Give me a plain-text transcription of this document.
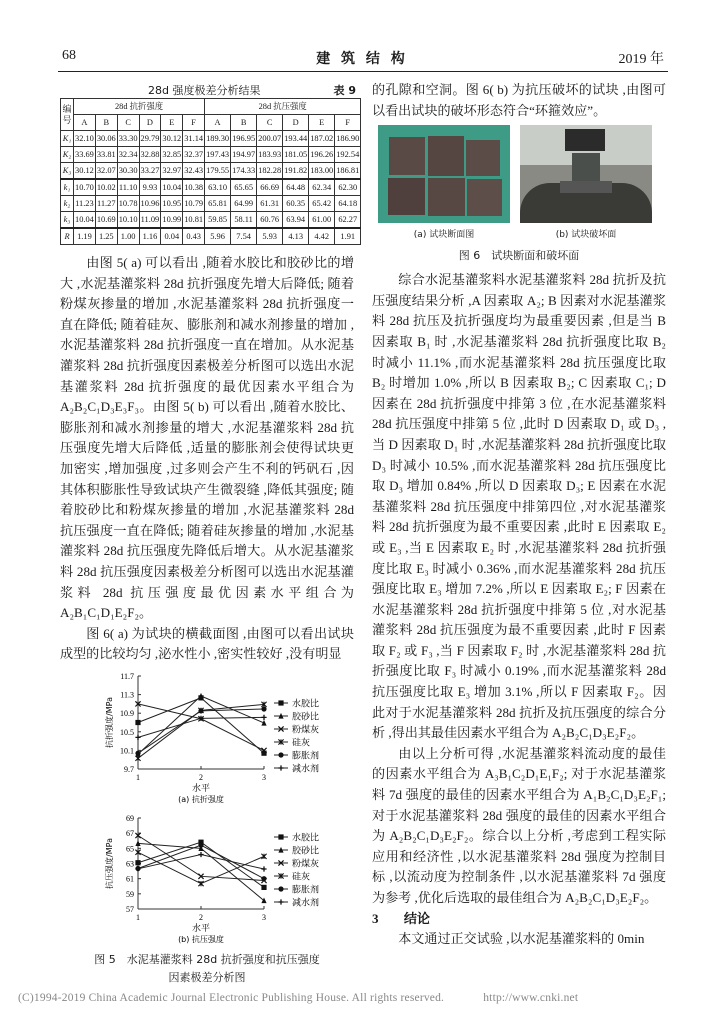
68	建 筑 结 构	2019 年
28d 强度极差分析结果	表 9
编号	28d 抗折强度						28d 抗压强度					
	A	B	C	D	E	F	A	B	C	D	E	F
K₁	32.10	30.06	33.30	29.79	30.12	31.14	189.30	196.95	200.07	193.44	187.02	186.90
K₂	33.69	33.81	32.34	32.88	32.85	32.37	197.43	194.97	183.93	181.05	196.26	192.54
K₃	30.12	32.07	30.30	33.27	32.97	32.43	179.55	174.33	182.28	191.82	183.00	186.81
k₁	10.70	10.02	11.10	9.93	10.04	10.38	63.10	65.65	66.69	64.48	62.34	62.30
k₂	11.23	11.27	10.78	10.96	10.95	10.79	65.81	64.99	61.31	60.35	65.42	64.18
k₃	10.04	10.69	10.10	11.09	10.99	10.81	59.85	58.11	60.76	63.94	61.00	62.27
R	1.19	1.25	1.00	1.16	0.04	0.43	5.96	7.54	5.93	4.13	4.42	1.91

由图 5( a) 可以看出 ,随着水胶比和胶砂比的增大 ,水泥基灌浆料 28d 抗折强度先增大后降低; 随着粉煤灰掺量的增加 ,水泥基灌浆料 28d 抗折强度一直在降低; 随着硅灰、膨胀剂和减水剂掺量的增加 ,水泥基灌浆料 28d 抗折强度一直在增加。从水泥基灌浆料 28d 抗折强度因素极差分析图可以选出水泥基灌浆料 28d 抗折强度的最优因素水平组合为 A₂B₂C₁D₃E₃F₃。由图 5( b) 可以看出 ,随着水胶比、膨胀剂和减水剂掺量的增大 ,水泥基灌浆料 28d 抗压强度先增大后降低 ,适量的膨胀剂会使得试块更加密实 ,增加强度 ,过多则会产生不利的钙矾石 ,因其体积膨胀性导致试块产生微裂缝 ,降低其强度; 随着胶砂比和粉煤灰掺量的增加 ,水泥基灌浆料 28d 抗压强度一直在降低; 随着硅灰掺量的增加 ,水泥基灌浆料 28d 抗压强度先降低后增大。从水泥基灌浆料 28d 抗压强度因素极差分析图可以选出水泥基灌浆料 28d 抗压强度最优因素水平组合为 A₂B₁C₁D₁E₂F₂。

图 6( a) 为试块的横截面图 ,由图可以看出试块成型的比较均匀 ,泌水性小 ,密实性较好 ,没有明显

9.7
10.1
10.5
10.9
11.3
11.7
1	2	3
水平
(a) 抗折强度
抗折强度/MPa	水胶比
胶砂比
粉煤灰
硅灰
膨胀剂
减水剂
57
59
61
63
65
67
69
1	2	3
水平
(b) 抗压强度
抗压强度/MPa	水胶比
胶砂比
粉煤灰
硅灰
膨胀剂
减水剂
图 5　水泥基灌浆料 28d 抗折强度和抗压强度
因素极差分析图

的孔隙和空洞。图 6( b) 为抗压破坏的试块 ,由图可以看出试块的破坏形态符合“环箍效应”。

(a) 试块断面图	(b) 试块破坏面
图 6　试块断面和破坏面

综合水泥基灌浆料水泥基灌浆料 28d 抗折及抗压强度结果分析 ,A 因素取 A₂; B 因素对水泥基灌浆料 28d 抗压及抗折强度均为最重要因素 ,但是当 B 因素取 B₁ 时 ,水泥基灌浆料 28d 抗折强度比取 B₂ 时减小 11.1% ,而水泥基灌浆料 28d 抗压强度比取 B₂ 时增加 1.0% ,所以 B 因素取 B₂; C 因素取 C₁; D 因素在 28d 抗折强度中排第 3 位 ,在水泥基灌浆料 28d 抗压强度中排第 5 位 ,此时 D 因素取 D₁ 或 D₃ ,当 D 因素取 D₁ 时 ,水泥基灌浆料 28d 抗折强度比取 D₃ 时减小 10.5% ,而水泥基灌浆料 28d 抗压强度比取 D₃ 增加 0.84% ,所以 D 因素取 D₃; E 因素在水泥基灌浆料 28d 抗压强度中排第四位 ,对水泥基灌浆料 28d 抗折强度为最不重要因素 ,此时 E 因素取 E₂ 或 E₃ ,当 E 因素取 E₂ 时 ,水泥基灌浆料 28d 抗折强度比取 E₃ 时减小 0.36% ,而水泥基灌浆料 28d 抗压强度比取 E₃ 增加 7.2% ,所以 E 因素取 E₂; F 因素在水泥基灌浆料 28d 抗折强度中排第 5 位 ,对水泥基灌浆料 28d 抗压强度为最不重要因素 ,此时 F 因素取 F₂ 或 F₃ ,当 F 因素取 F₂ 时 ,水泥基灌浆料 28d 抗折强度比取 F₃ 时减小 0.19% ,而水泥基灌浆料 28d 抗压强度比取 E₃ 增加 3.1% ,所以 F 因素取 F₂。因此对于水泥基灌浆料 28d 抗折及抗压强度的综合分析 ,得出其最佳因素水平组合为 A₂B₂C₁D₃E₂F₂。

由以上分析可得 ,水泥基灌浆料流动度的最佳的因素水平组合为 A₃B₁C₂D₁E₁F₂; 对于水泥基灌浆料 7d 强度的最佳的因素水平组合为 A₁B₂C₁D₃E₂F₁; 对于水泥基灌浆料 28d 强度的最佳的因素水平组合为 A₂B₂C₁D₃E₂F₂。综合以上分析 ,考虑到工程实际应用和经济性 ,以水泥基灌浆料 28d 强度为控制目标 ,以流动度为控制条件 ,以水泥基灌浆料 7d 强度为参考 ,优化后选取的最佳组合为 A₂B₂C₁D₃E₂F₂。

3 结论

本文通过正交试验 ,以水泥基灌浆料的 0min

(C)1994-2019 China Academic Journal Electronic Publishing House. All rights reserved.	http://www.cnki.net
